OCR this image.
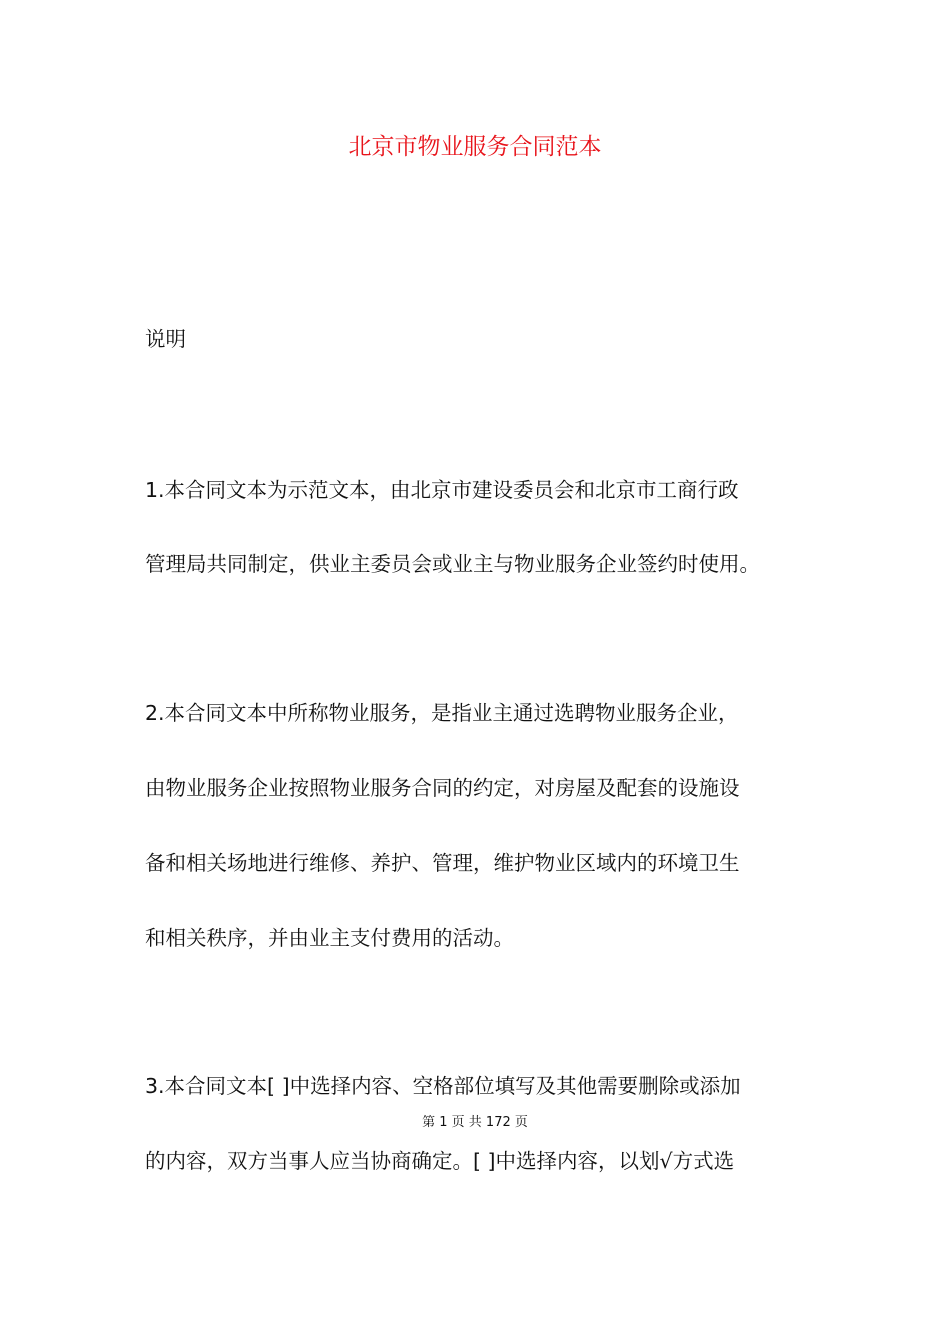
北京市物业服务合同范本
说明
1.本合同文本为示范文本，由北京市建设委员会和北京市工商行政
管理局共同制定，供业主委员会或业主与物业服务企业签约时使用。
2.本合同文本中所称物业服务，是指业主通过选聘物业服务企业，
由物业服务企业按照物业服务合同的约定，对房屋及配套的设施设
备和相关场地进行维修、养护、管理，维护物业区域内的环境卫生
和相关秩序，并由业主支付费用的活动。
3.本合同文本[ ]中选择内容、空格部位填写及其他需要删除或添加
第 1 页 共 172 页
的内容，双方当事人应当协商确定。[ ]中选择内容，以划√方式选
